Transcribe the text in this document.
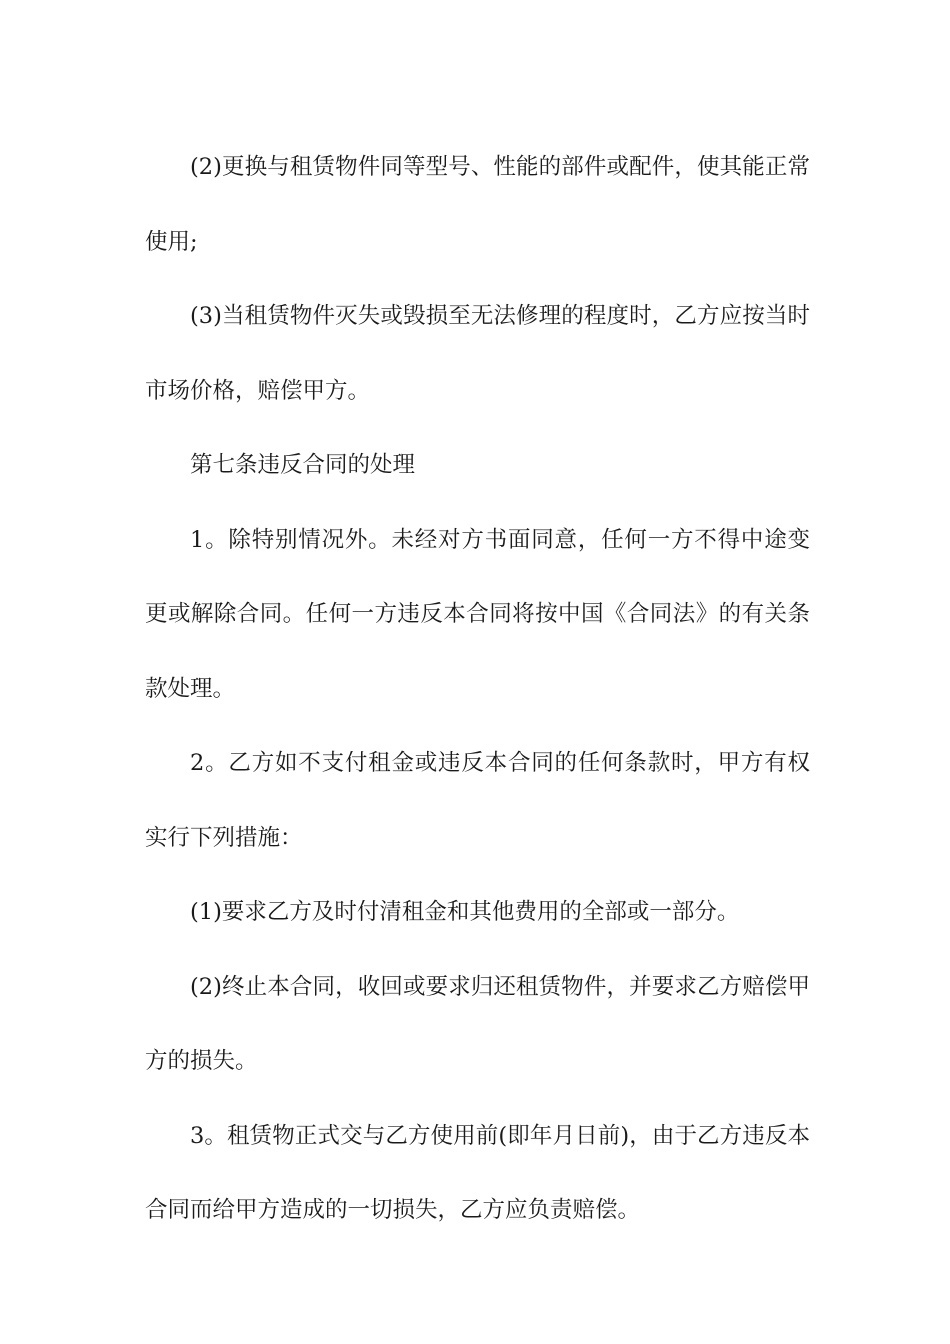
(2)更换与租赁物件同等型号、性能的部件或配件，使其能正常使用;

(3)当租赁物件灭失或毁损至无法修理的程度时，乙方应按当时市场价格，赔偿甲方。

第七条违反合同的处理

1。除特别情况外。未经对方书面同意，任何一方不得中途变更或解除合同。任何一方违反本合同将按中国《合同法》的有关条款处理。

2。乙方如不支付租金或违反本合同的任何条款时，甲方有权实行下列措施：

(1)要求乙方及时付清租金和其他费用的全部或一部分。

(2)终止本合同，收回或要求归还租赁物件，并要求乙方赔偿甲方的损失。

3。租赁物正式交与乙方使用前(即年月日前)，由于乙方违反本合同而给甲方造成的一切损失，乙方应负责赔偿。
